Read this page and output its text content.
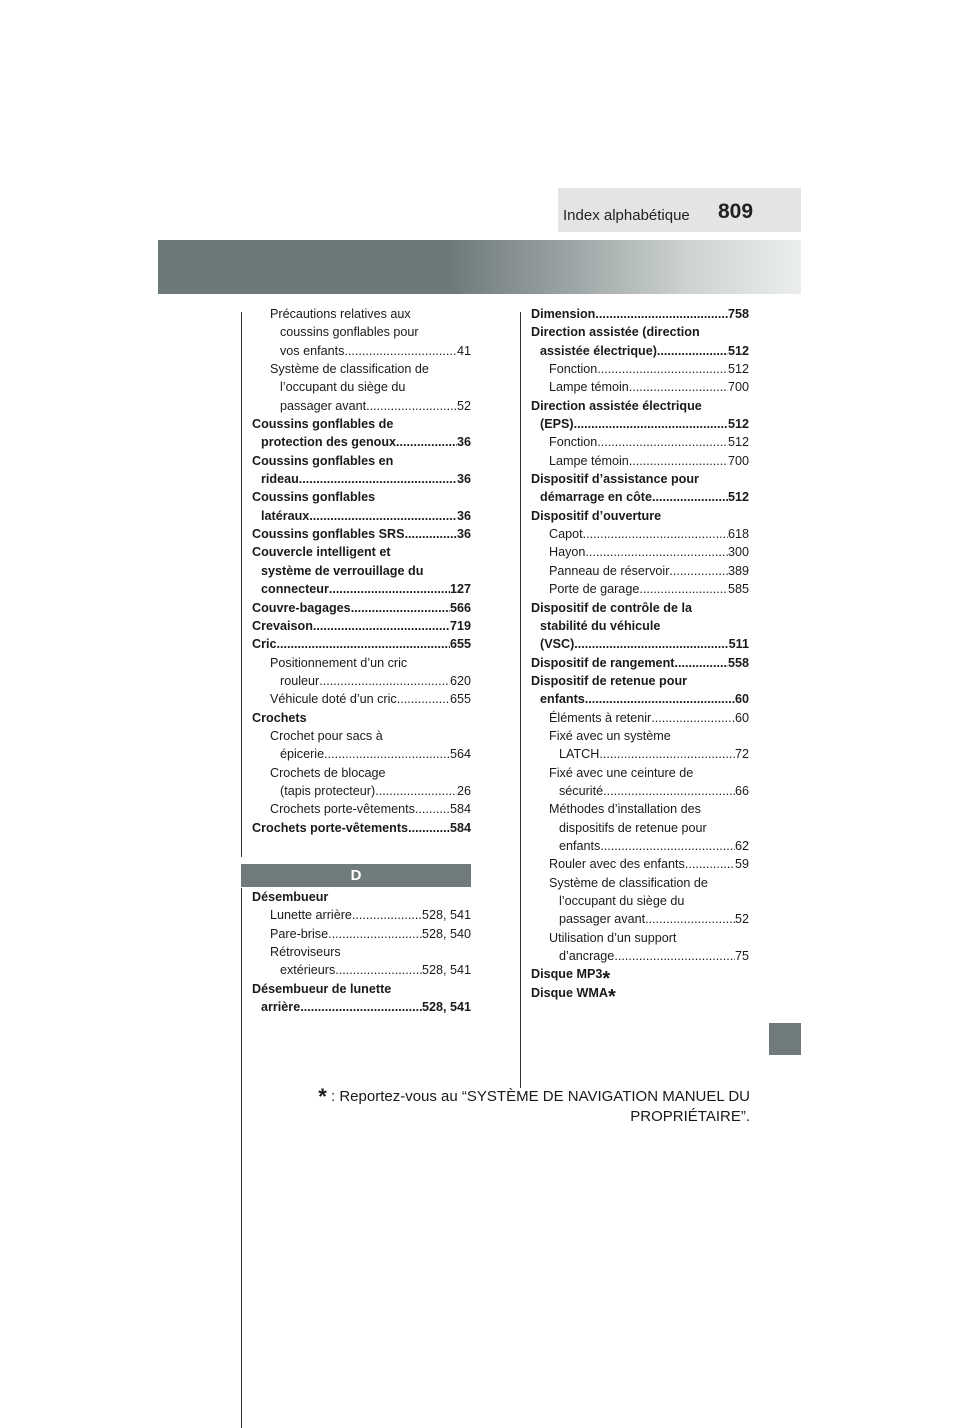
Index alphabétique 809
Précautions relatives aux
coussins gonflables pour
vos enfants .....	41
Système de classification de
l’occupant du siège du
passager avant .....	52
Coussins gonflables de
protection des genoux .....	36
Coussins gonflables en
rideau .....	36
Coussins gonflables
latéraux .....	36
Coussins gonflables SRS .....	36
Couvercle intelligent et
système de verrouillage du
connecteur .....	127
Couvre-bagages .....	566
Crevaison .....	719
Cric .....	655
Positionnement d’un cric
rouleur .....	620
Véhicule doté d’un cric .....	655
Crochets
Crochet pour sacs à
épicerie .....	564
Crochets de blocage
(tapis protecteur) .....	26
Crochets porte-vêtements .....	584
Crochets porte-vêtements .....	584
D
Désembueur
Lunette arrière .....	528, 541
Pare-brise .....	528, 540
Rétroviseurs
extérieurs .....	528, 541
Désembueur de lunette
arrière .....	528, 541
Dimension .....	758
Direction assistée (direction
assistée électrique) .....	512
Fonction .....	512
Lampe témoin .....	700
Direction assistée électrique
(EPS) .....	512
Fonction .....	512
Lampe témoin .....	700
Dispositif d’assistance pour
démarrage en côte .....	512
Dispositif d’ouverture
Capot .....	618
Hayon .....	300
Panneau de réservoir .....	389
Porte de garage .....	585
Dispositif de contrôle de la
stabilité du véhicule
(VSC) .....	511
Dispositif de rangement .....	558
Dispositif de retenue pour
enfants .....	60
Éléments à retenir .....	60
Fixé avec un système
LATCH .....	72
Fixé avec une ceinture de
sécurité .....	66
Méthodes d’installation des
dispositifs de retenue pour
enfants .....	62
Rouler avec des enfants .....	59
Système de classification de
l’occupant du siège du
passager avant .....	52
Utilisation d’un support
d’ancrage .....	75
Disque MP3 *
Disque WMA *
* : Reportez-vous au “SYSTÈME DE NAVIGATION MANUEL DU
PROPRIÉTAIRE”.
